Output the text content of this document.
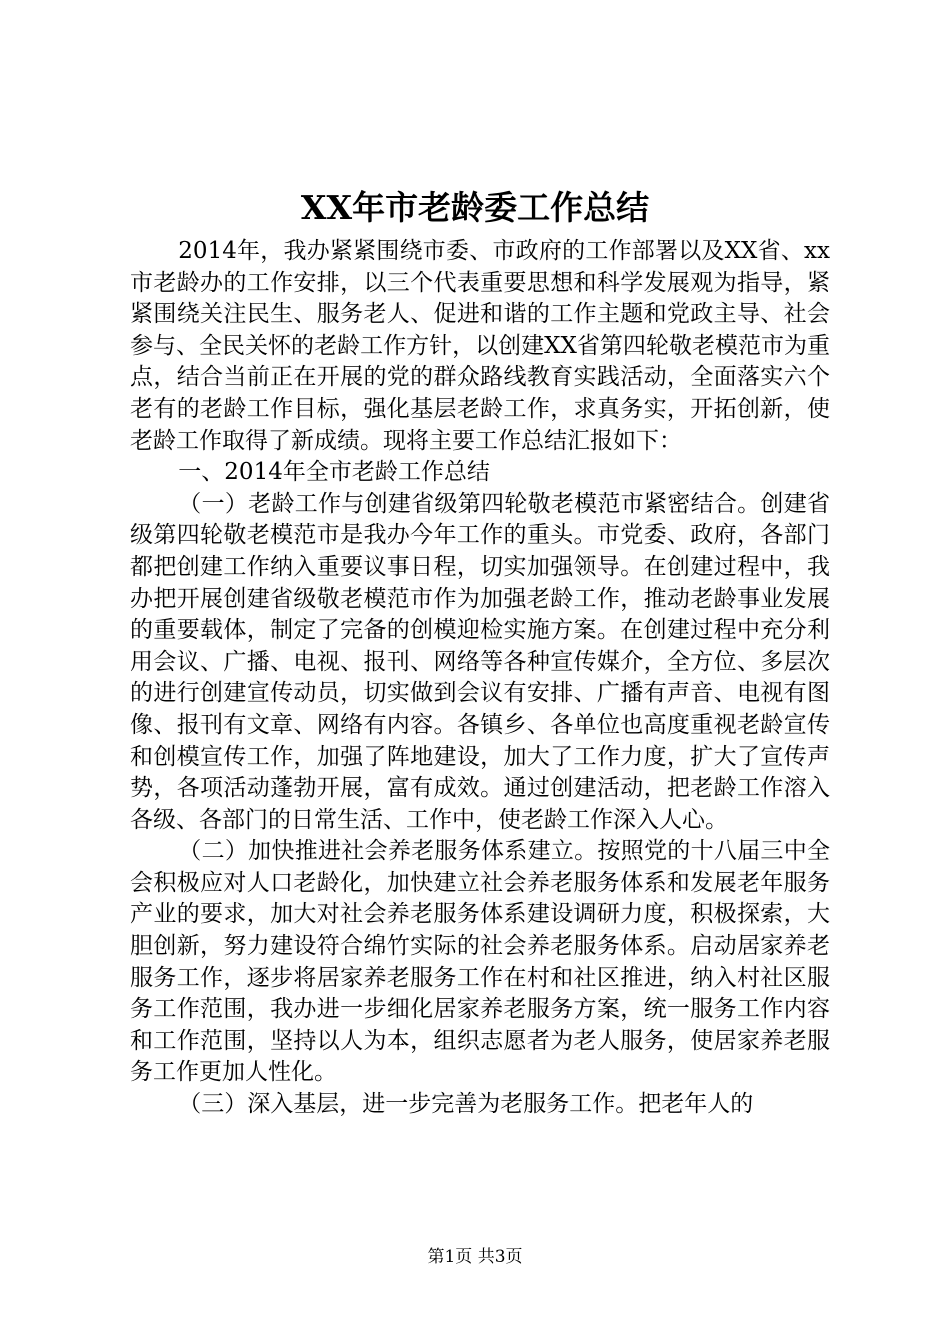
XX年市老龄委工作总结

2014年，我办紧紧围绕市委、市政府的工作部署以及XX省、xx市老龄办的工作安排，以三个代表重要思想和科学发展观为指导，紧紧围绕关注民生、服务老人、促进和谐的工作主题和党政主导、社会参与、全民关怀的老龄工作方针，以创建XX省第四轮敬老模范市为重点，结合当前正在开展的党的群众路线教育实践活动，全面落实六个老有的老龄工作目标，强化基层老龄工作，求真务实，开拓创新，使老龄工作取得了新成绩。现将主要工作总结汇报如下：

一、2014年全市老龄工作总结

（一）老龄工作与创建省级第四轮敬老模范市紧密结合。创建省级第四轮敬老模范市是我办今年工作的重头。市党委、政府，各部门都把创建工作纳入重要议事日程，切实加强领导。在创建过程中，我办把开展创建省级敬老模范市作为加强老龄工作，推动老龄事业发展的重要载体，制定了完备的创模迎检实施方案。在创建过程中充分利用会议、广播、电视、报刊、网络等各种宣传媒介，全方位、多层次的进行创建宣传动员，切实做到会议有安排、广播有声音、电视有图像、报刊有文章、网络有内容。各镇乡、各单位也高度重视老龄宣传和创模宣传工作，加强了阵地建设，加大了工作力度，扩大了宣传声势，各项活动蓬勃开展，富有成效。通过创建活动，把老龄工作溶入各级、各部门的日常生活、工作中，使老龄工作深入人心。

（二）加快推进社会养老服务体系建立。按照党的十八届三中全会积极应对人口老龄化，加快建立社会养老服务体系和发展老年服务产业的要求，加大对社会养老服务体系建设调研力度，积极探索，大胆创新，努力建设符合绵竹实际的社会养老服务体系。启动居家养老服务工作，逐步将居家养老服务工作在村和社区推进，纳入村社区服务工作范围，我办进一步细化居家养老服务方案，统一服务工作内容和工作范围，坚持以人为本，组织志愿者为老人服务，使居家养老服务工作更加人性化。

（三）深入基层，进一步完善为老服务工作。把老年人的

第1页 共3页
